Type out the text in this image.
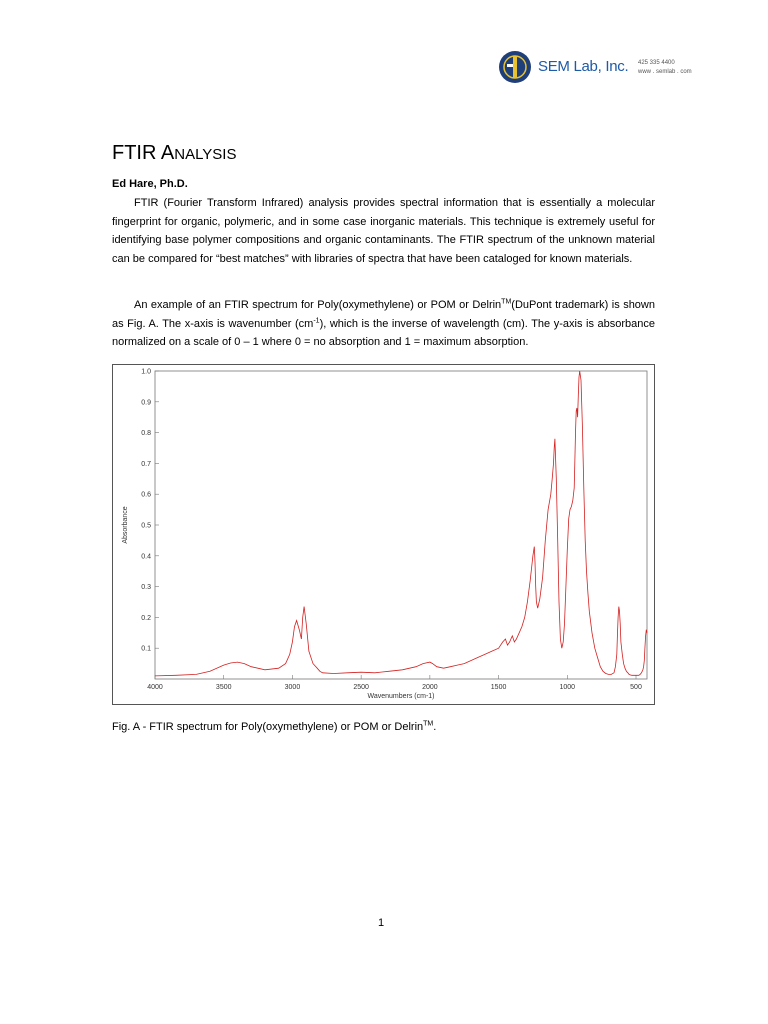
SEM Lab, Inc. 425 335 4400
www . semlab . com
FTIR ANALYSIS
Ed Hare, Ph.D.

FTIR (Fourier Transform Infrared) analysis provides spectral information that is essentially a molecular fingerprint for organic, polymeric, and in some case inorganic materials. This technique is extremely useful for identifying base polymer compositions and organic contaminants. The FTIR spectrum of the unknown material can be compared for “best matches” with libraries of spectra that have been cataloged for known materials.

An example of an FTIR spectrum for Poly(oxymethylene) or POM or Delrin™(DuPont trademark) is shown as Fig. A. The x-axis is wavenumber $(cm^{-1})$, which is the inverse of wavelength (cm). The y-axis is absorbance normalized on a scale of 0 – 1 where 0 = no absorption and 1 = maximum absorption.

0.1
0.2
0.3
0.4
0.5
0.6
0.7
0.8
0.9
1.0
4000	3500	3000	2500	2000	1500	1000	500
Wavenumbers (cm-1)
Absorbance
Fig. A - FTIR spectrum for Poly(oxymethylene) or POM or Delrin™.
1
